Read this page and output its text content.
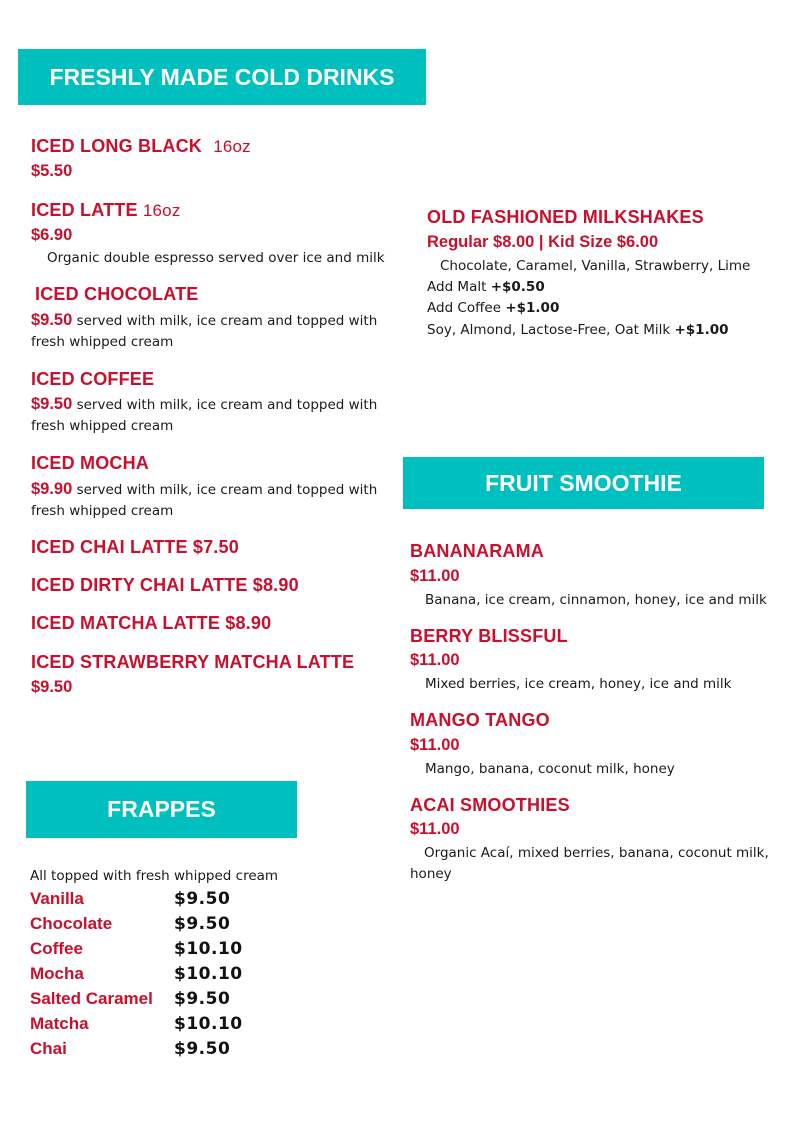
FRESHLY MADE COLD DRINKS
ICED LONG BLACK 16oz
$5.50
ICED LATTE 16oz
$6.90
Organic double espresso served over ice and milk
ICED CHOCOLATE
$9.50 served with milk, ice cream and topped with
fresh whipped cream
ICED COFFEE
$9.50 served with milk, ice cream and topped with
fresh whipped cream
ICED MOCHA
$9.90 served with milk, ice cream and topped with
fresh whipped cream
ICED CHAI LATTE $7.50
ICED DIRTY CHAI LATTE $8.90
ICED MATCHA LATTE $8.90
ICED STRAWBERRY MATCHA LATTE
$9.50
OLD FASHIONED MILKSHAKES
Regular $8.00 | Kid Size $6.00
Chocolate, Caramel, Vanilla, Strawberry, Lime
Add Malt +$0.50
Add Coffee +$1.00
Soy, Almond, Lactose-Free, Oat Milk +$1.00
FRUIT SMOOTHIE
BANANARAMA
$11.00
Banana, ice cream, cinnamon, honey, ice and milk
BERRY BLISSFUL
$11.00
Mixed berries, ice cream, honey, ice and milk
MANGO TANGO
$11.00
Mango, banana, coconut milk, honey
ACAI SMOOTHIES
$11.00
Organic Acaí, mixed berries, banana, coconut milk,
honey
FRAPPES
All topped with fresh whipped cream
Vanilla	$9.50
Chocolate	$9.50
Coffee	$10.10
Mocha	$10.10
Salted Caramel $9.50
Matcha	$10.10
Chai	$9.50
